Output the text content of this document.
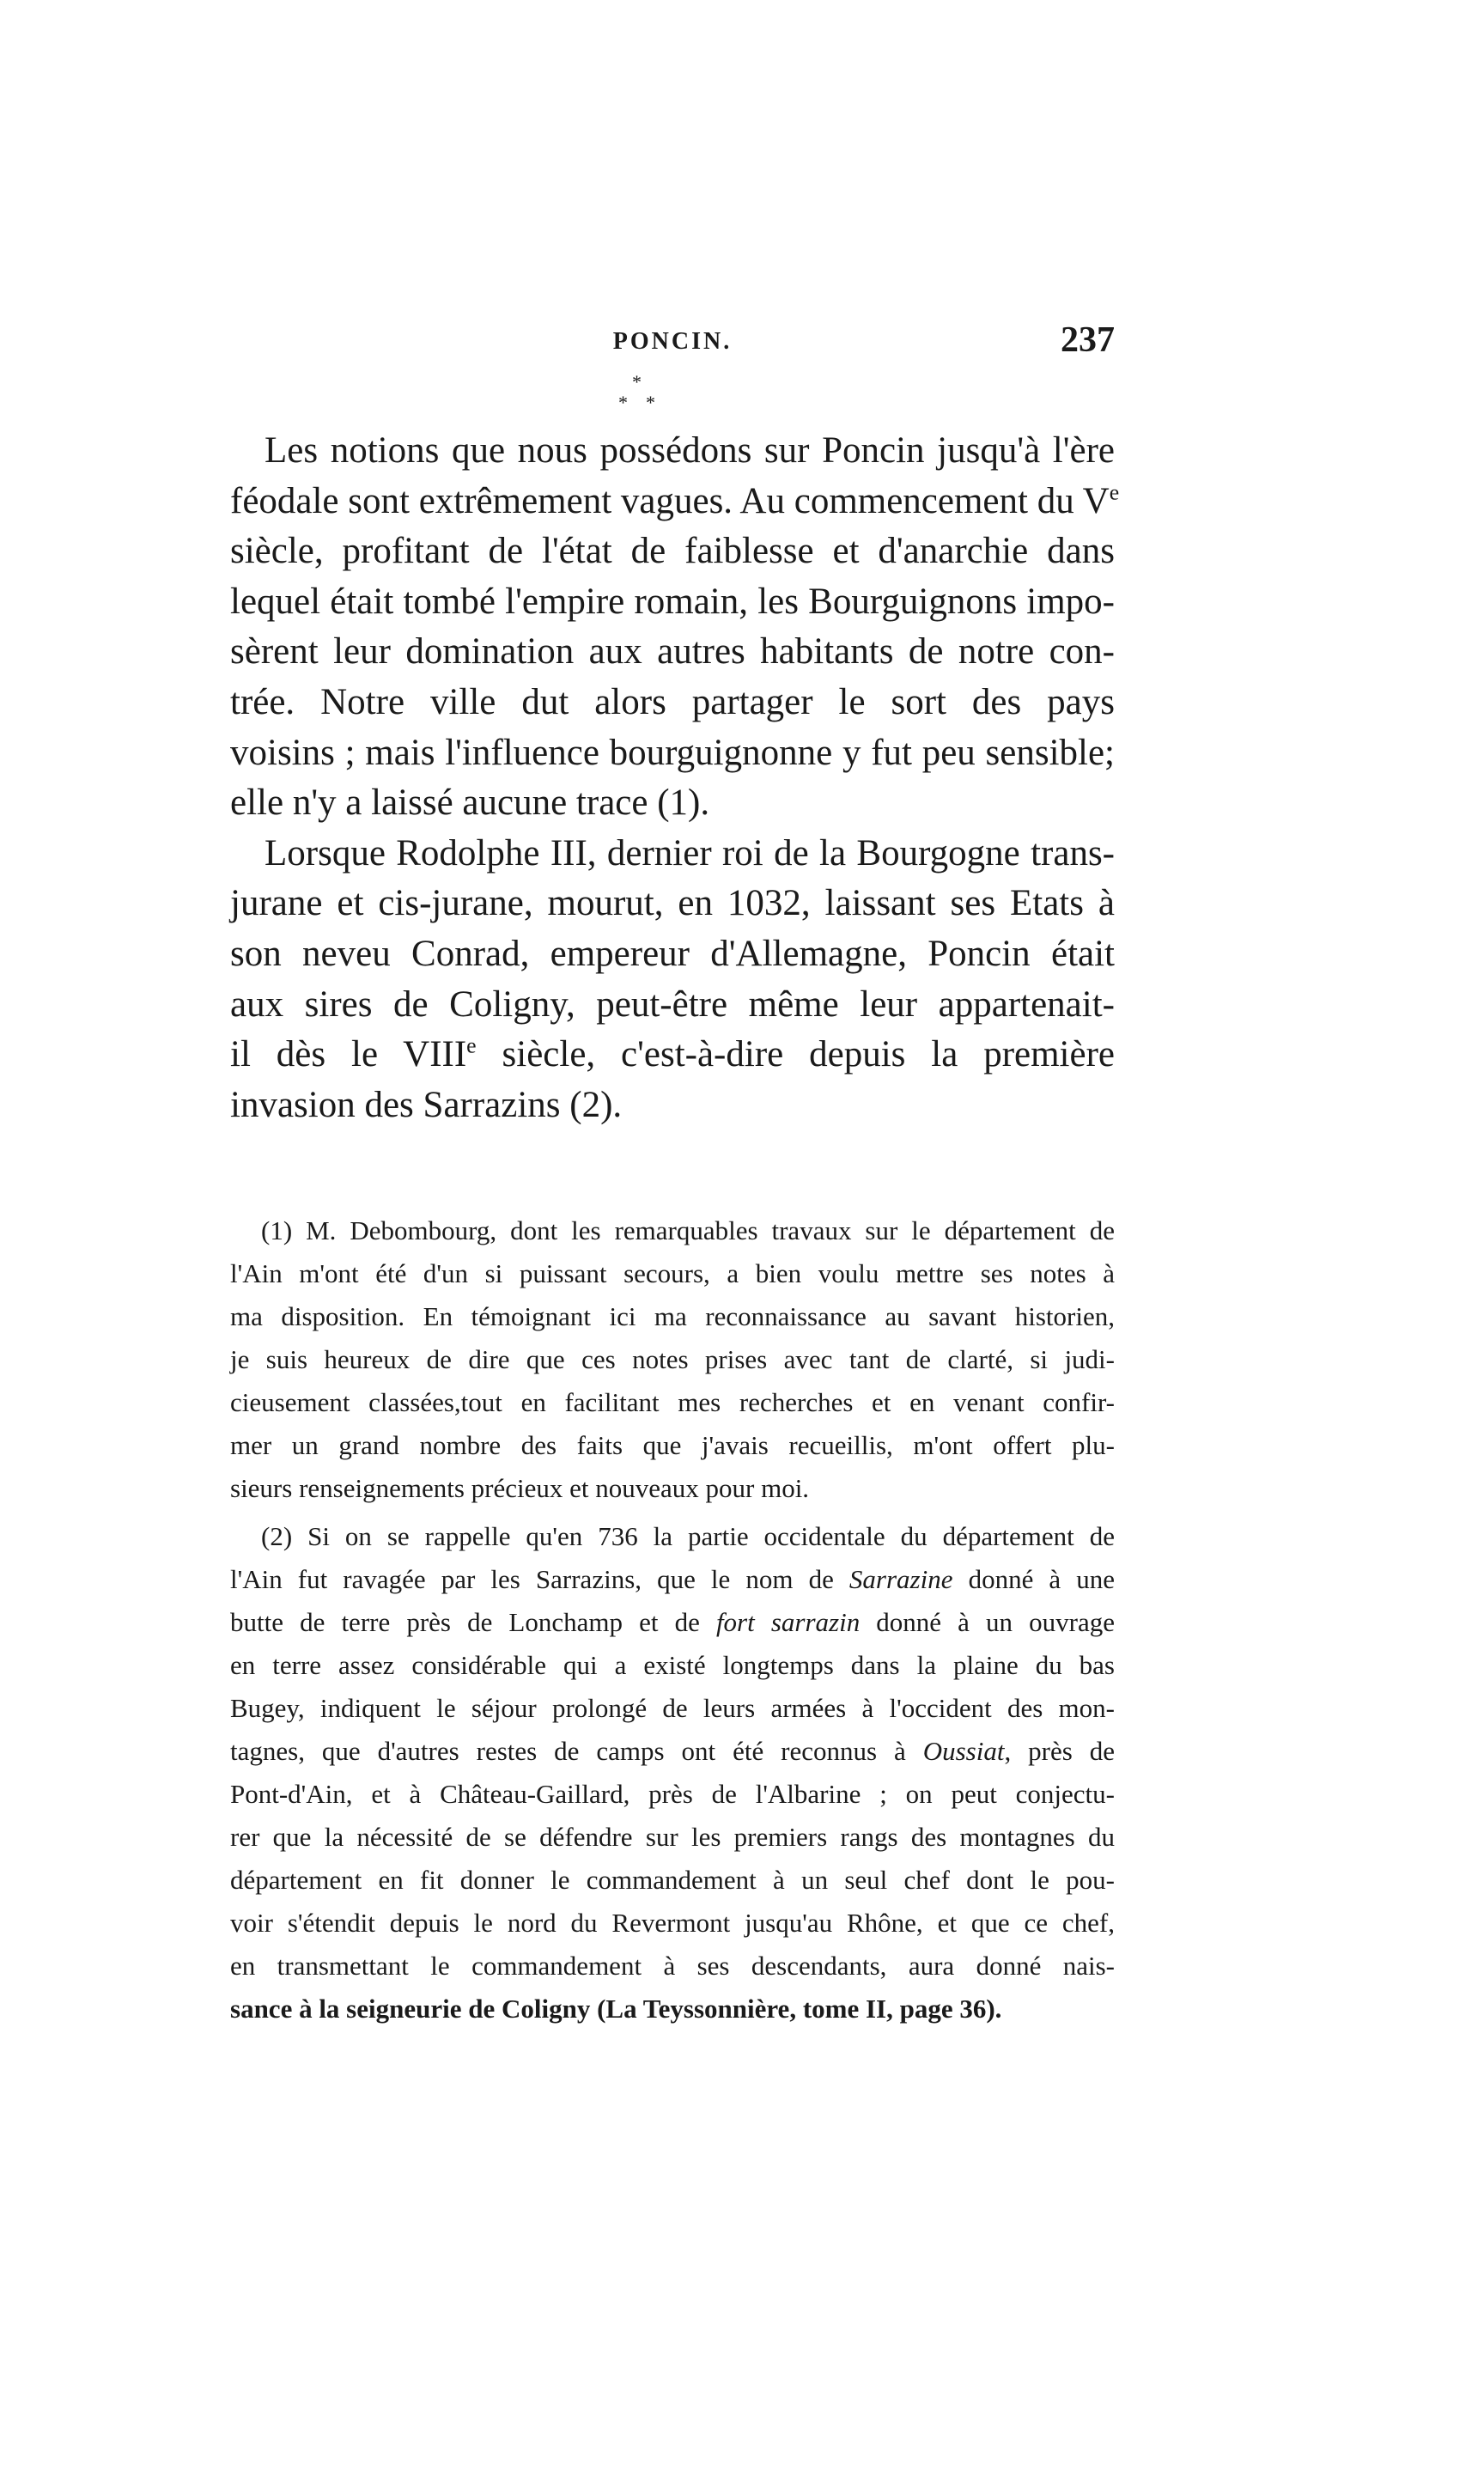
PONCIN.	237
*
* *

Les notions que nous possédons sur Poncin jusqu'à l'ère
féodale sont extrêmement vagues. Au commencement du Ve
siècle, profitant de l'état de faiblesse et d'anarchie dans
lequel était tombé l'empire romain, les Bourguignons impo-
sèrent leur domination aux autres habitants de notre con-
trée. Notre ville dut alors partager le sort des pays
voisins ; mais l'influence bourguignonne y fut peu sensible;
elle n'y a laissé aucune trace (1).

Lorsque Rodolphe III, dernier roi de la Bourgogne trans-
jurane et cis-jurane, mourut, en 1032, laissant ses Etats à
son neveu Conrad, empereur d'Allemagne, Poncin était
aux sires de Coligny, peut-être même leur appartenait-
il dès le VIIIe siècle, c'est-à-dire depuis la première
invasion des Sarrazins (2).

(1) M. Debombourg, dont les remarquables travaux sur le département de
l'Ain m'ont été d'un si puissant secours, a bien voulu mettre ses notes à
ma disposition. En témoignant ici ma reconnaissance au savant historien,
je suis heureux de dire que ces notes prises avec tant de clarté, si judi-
cieusement classées,tout en facilitant mes recherches et en venant confir-
mer un grand nombre des faits que j'avais recueillis, m'ont offert plu-
sieurs renseignements précieux et nouveaux pour moi.
(2) Si on se rappelle qu'en 736 la partie occidentale du département de
l'Ain fut ravagée par les Sarrazins, que le nom de Sarrazine donné à une
butte de terre près de Lonchamp et de fort sarrazin donné à un ouvrage
en terre assez considérable qui a existé longtemps dans la plaine du bas
Bugey, indiquent le séjour prolongé de leurs armées à l'occident des mon-
tagnes, que d'autres restes de camps ont été reconnus à Oussiat, près de
Pont-d'Ain, et à Château-Gaillard, près de l'Albarine ; on peut conjectu-
rer que la nécessité de se défendre sur les premiers rangs des montagnes du
département en fit donner le commandement à un seul chef dont le pou-
voir s'étendit depuis le nord du Revermont jusqu'au Rhône, et que ce chef,
en transmettant le commandement à ses descendants, aura donné nais-
sance à la seigneurie de Coligny (La Teyssonnière, tome II, page 36).
